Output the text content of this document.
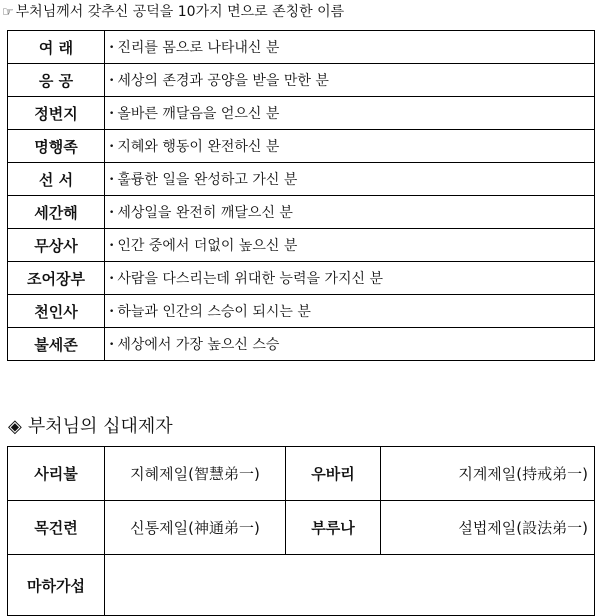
☞ 부처님께서 갖추신 공덕을 10가지 면으로 존칭한 이름
여 래	• 진리를 몸으로 나타내신 분
응 공	• 세상의 존경과 공양을 받을 만한 분
정변지	• 올바른 깨달음을 얻으신 분
명행족	• 지혜와 행동이 완전하신 분
선 서	• 훌륭한 일을 완성하고 가신 분
세간해	• 세상일을 완전히 깨달으신 분
무상사	• 인간 중에서 더없이 높으신 분
조어장부	• 사람을 다스리는데 위대한 능력을 가지신 분
천인사	• 하늘과 인간의 스승이 되시는 분
불세존	• 세상에서 가장 높으신 스승
◈ 부처님의 십대제자
사리불	지혜제일(智慧弟一)	우바리	지계제일(持戒弟一)
목건련	신통제일(神通弟一)	부루나	설법제일(設法弟一)
마하가섭			
